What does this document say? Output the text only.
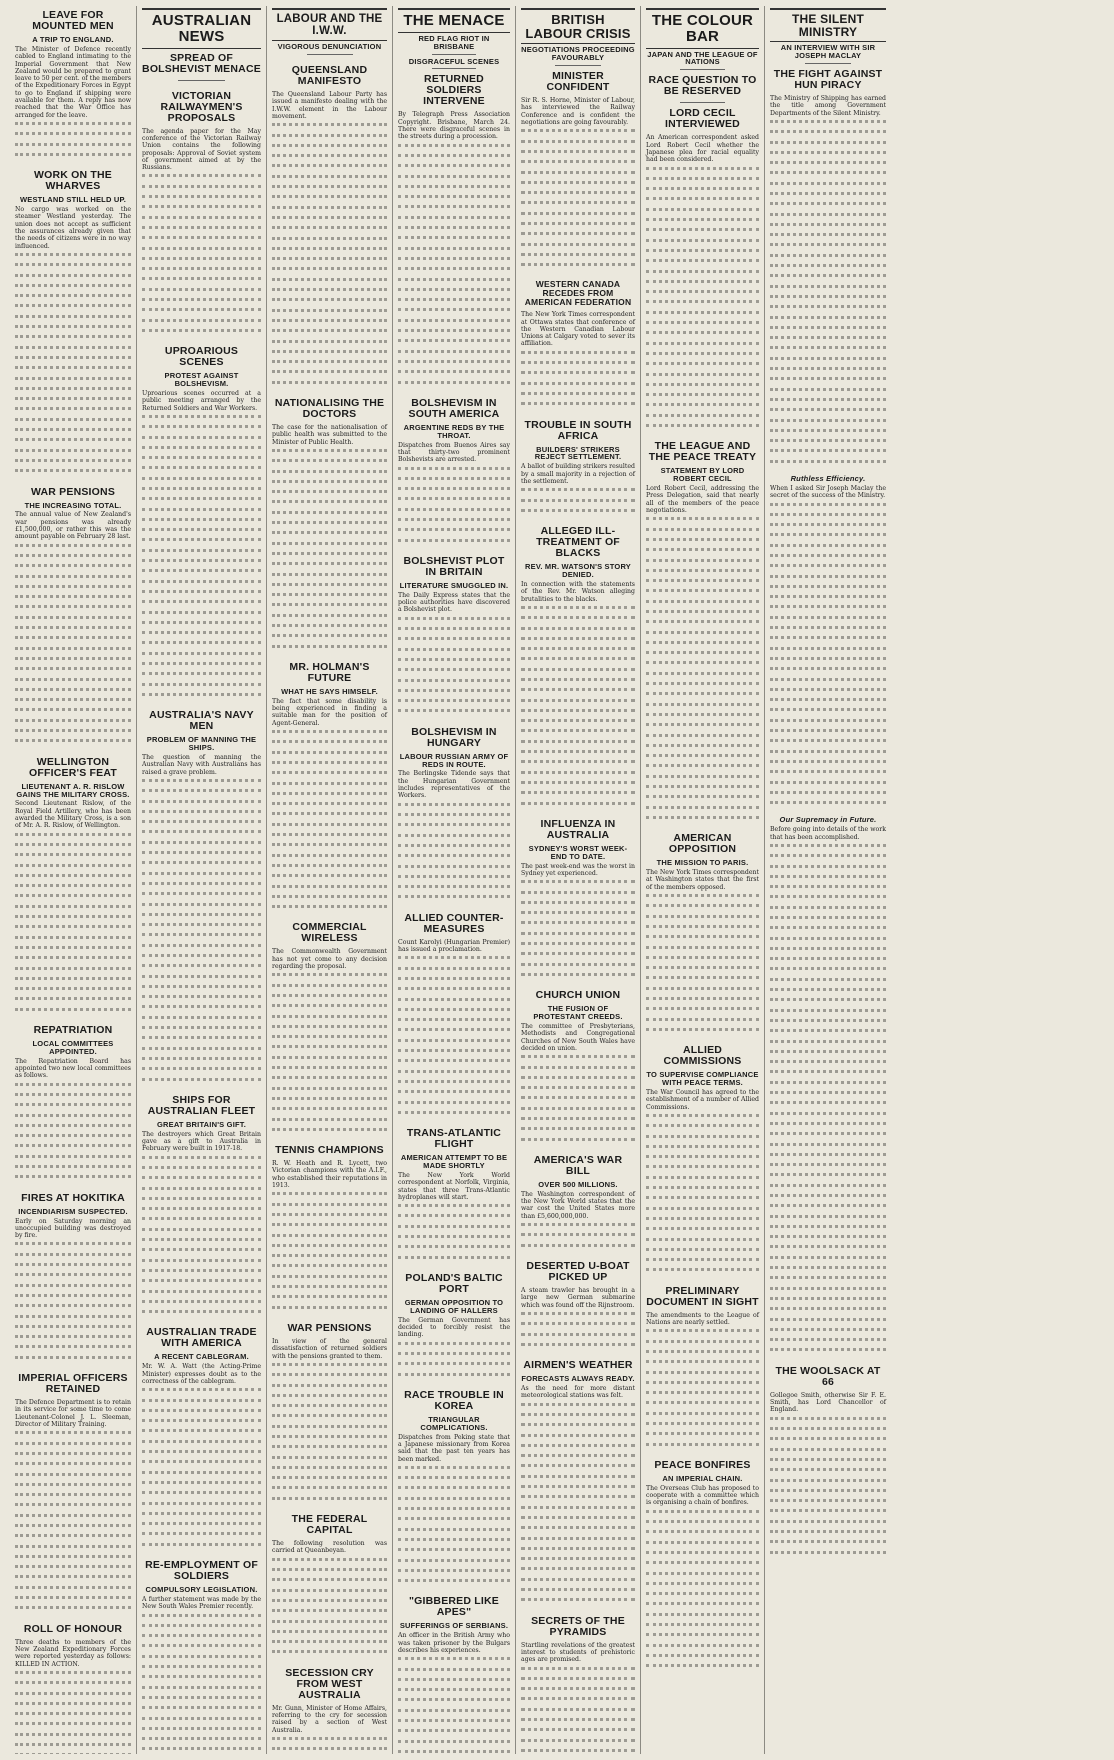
LEAVE FOR MOUNTED MEN
A TRIP TO ENGLAND.

The Minister of Defence recently cabled to England intimating to the Imperial Government that New Zealand would be prepared to grant leave to 50 per cent. of the members of the Expeditionary Forces in Egypt to go to England if shipping were available for them. A reply has now reached that the War Office has arranged for the leave.

WORK ON THE WHARVES
WESTLAND STILL HELD UP.

No cargo was worked on the steamer Westland yesterday. The union does not accept as sufficient the assurances already given that the needs of citizens were in no way influenced.

WAR PENSIONS
THE INCREASING TOTAL.

The annual value of New Zealand's war pensions was already £1,500,000, or rather this was the amount payable on February 28 last.

WELLINGTON OFFICER'S FEAT
LIEUTENANT A. R. RISLOW GAINS THE MILITARY CROSS.

Second Lieutenant Rislow, of the Royal Field Artillery, who has been awarded the Military Cross, is a son of Mr. A. R. Rislow, of Wellington.

REPATRIATION
LOCAL COMMITTEES APPOINTED.

The Repatriation Board has appointed two new local committees as follows.

FIRES AT HOKITIKA
INCENDIARISM SUSPECTED.

Early on Saturday morning an unoccupied building was destroyed by fire.

IMPERIAL OFFICERS RETAINED

The Defence Department is to retain in its service for some time to come Lieutenant-Colonel J. L. Sleeman, Director of Military Training.

ROLL OF HONOUR

Three deaths to members of the New Zealand Expeditionary Forces were reported yesterday as follows: KILLED IN ACTION.

AUSTRALIAN NEWS
SPREAD OF BOLSHEVIST MENACE
VICTORIAN RAILWAYMEN'S PROPOSALS

The agenda paper for the May conference of the Victorian Railway Union contains the following proposals: Approval of Soviet system of government aimed at by the Russians.

UPROARIOUS SCENES
PROTEST AGAINST BOLSHEVISM.

Uproarious scenes occurred at a public meeting arranged by the Returned Soldiers and War Workers.

AUSTRALIA'S NAVY MEN
PROBLEM OF MANNING THE SHIPS.

The question of manning the Australian Navy with Australians has raised a grave problem.

SHIPS FOR AUSTRALIAN FLEET
GREAT BRITAIN'S GIFT.

The destroyers which Great Britain gave as a gift to Australia in February were built in 1917-18.

AUSTRALIAN TRADE WITH AMERICA
A RECENT CABLEGRAM.

Mr. W. A. Watt (the Acting-Prime Minister) expresses doubt as to the correctness of the cablegram.

RE-EMPLOYMENT OF SOLDIERS
COMPULSORY LEGISLATION.

A further statement was made by the New South Wales Premier recently.

LABOUR AND THE I.W.W.
VIGOROUS DENUNCIATION
QUEENSLAND MANIFESTO

The Queensland Labour Party has issued a manifesto dealing with the I.W.W. element in the Labour movement.

NATIONALISING THE DOCTORS

The case for the nationalisation of public health was submitted to the Minister of Public Health.

MR. HOLMAN'S FUTURE
WHAT HE SAYS HIMSELF.

The fact that some disability is being experienced in finding a suitable man for the position of Agent-General.

COMMERCIAL WIRELESS

The Commonwealth Government has not yet come to any decision regarding the proposal.

TENNIS CHAMPIONS

R. W. Heath and R. Lycett, two Victorian champions with the A.I.F., who established their reputations in 1913.

WAR PENSIONS

In view of the general dissatisfaction of returned soldiers with the pensions granted to them.

THE FEDERAL CAPITAL

The following resolution was carried at Queanbeyan.

SECESSION CRY FROM WEST AUSTRALIA

Mr. Gunn, Minister of Home Affairs, referring to the cry for secession raised by a section of West Australia.

THE MENACE
RED FLAG RIOT IN BRISBANE
DISGRACEFUL SCENES
RETURNED SOLDIERS INTERVENE

By Telegraph Press Association Copyright. Brisbane, March 24. There were disgraceful scenes in the streets during a procession.

BOLSHEVISM IN SOUTH AMERICA
ARGENTINE REDS BY THE THROAT.

Dispatches from Buenos Aires say that thirty-two prominent Bolshevists are arrested.

BOLSHEVIST PLOT IN BRITAIN
LITERATURE SMUGGLED IN.

The Daily Express states that the police authorities have discovered a Bolshevist plot.

BOLSHEVISM IN HUNGARY
LABOUR RUSSIAN ARMY OF REDS IN ROUTE.

The Berlingske Tidende says that the Hungarian Government includes representatives of the Workers.

ALLIED COUNTER-MEASURES

Count Karolyi (Hungarian Premier) has issued a proclamation.

TRANS-ATLANTIC FLIGHT
AMERICAN ATTEMPT TO BE MADE SHORTLY

The New York World correspondent at Norfolk, Virginia, states that three Trans-Atlantic hydroplanes will start.

POLAND'S BALTIC PORT
GERMAN OPPOSITION TO LANDING OF HALLERS

The German Government has decided to forcibly resist the landing.

RACE TROUBLE IN KOREA
TRIANGULAR COMPLICATIONS.

Dispatches from Peking state that a Japanese missionary from Korea said that the past ten years has been marked.

"GIBBERED LIKE APES"
SUFFERINGS OF SERBIANS.

An officer in the British Army who was taken prisoner by the Bulgars describes his experiences.

BRITISH LABOUR CRISIS
NEGOTIATIONS PROCEEDING FAVOURABLY
MINISTER CONFIDENT

Sir R. S. Horne, Minister of Labour, has interviewed the Railway Conference and is confident the negotiations are going favourably.

WESTERN CANADA RECEDES FROM AMERICAN FEDERATION

The New York Times correspondent at Ottawa states that conference of the Western Canadian Labour Unions at Calgary voted to sever its affiliation.

TROUBLE IN SOUTH AFRICA
BUILDERS' STRIKERS REJECT SETTLEMENT.

A ballot of building strikers resulted by a small majority in a rejection of the settlement.

ALLEGED ILL-TREATMENT OF BLACKS
REV. MR. WATSON'S STORY DENIED.

In connection with the statements of the Rev. Mr. Watson alleging brutalities to the blacks.

INFLUENZA IN AUSTRALIA
SYDNEY'S WORST WEEK-END TO DATE.

The past week-end was the worst in Sydney yet experienced.

CHURCH UNION
THE FUSION OF PROTESTANT CREEDS.

The committee of Presbyterians, Methodists and Congregational Churches of New South Wales have decided on union.

AMERICA'S WAR BILL
OVER 500 MILLIONS.

The Washington correspondent of the New York World states that the war cost the United States more than £5,600,000,000.

DESERTED U-BOAT PICKED UP

A steam trawler has brought in a large new German submarine which was found off the Rijnstroom.

AIRMEN'S WEATHER
FORECASTS ALWAYS READY.

As the need for more distant meteorological stations was felt.

SECRETS OF THE PYRAMIDS

Startling revelations of the greatest interest to students of prehistoric ages are promised.

THE COLOUR BAR
JAPAN AND THE LEAGUE OF NATIONS
RACE QUESTION TO BE RESERVED
LORD CECIL INTERVIEWED

An American correspondent asked Lord Robert Cecil whether the Japanese plea for racial equality had been considered.

THE LEAGUE AND THE PEACE TREATY
STATEMENT BY LORD ROBERT CECIL

Lord Robert Cecil, addressing the Press Delegation, said that nearly all of the members of the peace negotiations.

AMERICAN OPPOSITION
THE MISSION TO PARIS.

The New York Times correspondent at Washington states that the first of the members opposed.

ALLIED COMMISSIONS
TO SUPERVISE COMPLIANCE WITH PEACE TERMS.

The War Council has agreed to the establishment of a number of Allied Commissions.

PRELIMINARY DOCUMENT IN SIGHT

The amendments to the League of Nations are nearly settled.

PEACE BONFIRES
AN IMPERIAL CHAIN.

The Overseas Club has proposed to cooperate with a committee which is organising a chain of bonfires.

THE SILENT MINISTRY
AN INTERVIEW WITH SIR JOSEPH MACLAY
THE FIGHT AGAINST HUN PIRACY

The Ministry of Shipping has earned the title among Government Departments of the Silent Ministry.

Ruthless Efficiency.

When I asked Sir Joseph Maclay the secret of the success of the Ministry.

Our Supremacy in Future.

Before going into details of the work that has been accomplished.

THE WOOLSACK AT 66

Gollegoe Smith, otherwise Sir F. E. Smith, has Lord Chancellor of England.
